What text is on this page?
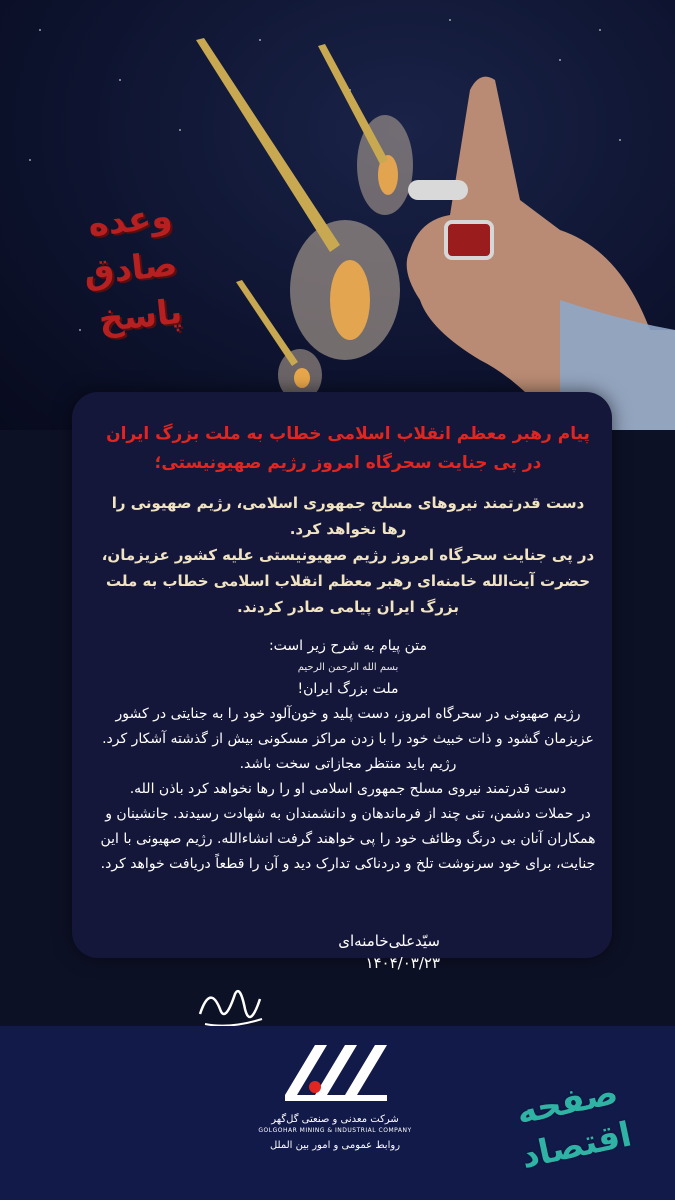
وعده
صادق
پاسخ
پیام رهبر معظم انقلاب اسلامی خطاب به ملت بزرگ ایران در پی جنایت سحرگاه امروز رژیم صهیونیستی؛

دست قدرتمند نیروهای مسلح جمهوری اسلامی، رژیم صهیونی را رها نخواهد کرد.

در پی جنایت سحرگاه امروز رژیم صهیونیستی علیه کشور عزیزمان، حضرت آیت‌الله خامنه‌ای رهبر معظم انقلاب اسلامی خطاب به ملت بزرگ ایران پیامی صادر کردند.

متن پیام به شرح زیر است:

بسم الله الرحمن الرحیم

ملت بزرگ ایران!

رژیم صهیونی در سحرگاه امروز، دست پلید و خون‌آلود خود را به جنایتی در کشور عزیزمان گشود و ذات خبیث خود را با زدن مراکز مسکونی بیش از گذشته آشکار کرد. رژیم باید منتظر مجازاتی سخت باشد.

دست قدرتمند نیروی مسلح جمهوری اسلامی او را رها نخواهد کرد باذن الله.

در حملات دشمن، تنی چند از فرماندهان و دانشمندان به شهادت رسیدند. جانشینان و همکاران آنان بی درنگ وظائف خود را پی خواهند گرفت انشاءالله. رژیم صهیونی با این جنایت، برای خود سرنوشت تلخ و دردناکی تدارک دید و آن را قطعاً دریافت خواهد کرد.

سیّدعلی‌خامنه‌ای
۱۴۰۴/۰۳/۲۳
شرکت معدنی و صنعتی گل‌گهر
GOLGOHAR MINING & INDUSTRIAL COMPANY
روابط عمومی و امور بین الملل
صفحه اقتصاد
